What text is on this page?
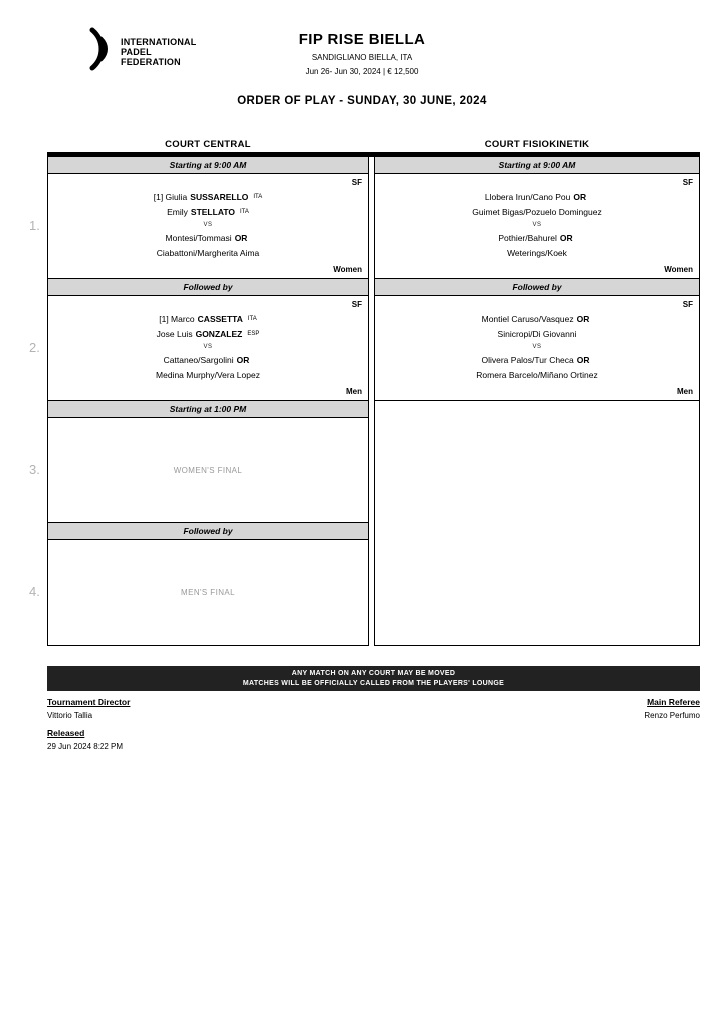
INTERNATIONAL
PADEL
FEDERATION
FIP RISE BIELLA
SANDIGLIANO BIELLA, ITA
Jun 26- Jun 30, 2024 | € 12,500
ORDER OF PLAY - SUNDAY, 30 JUNE, 2024
COURT CENTRAL	COURT FISIOKINETIK
1.
2.
3.
4.
Starting at 9:00 AM
SF
[1] Giulia SUSSARELLO $^{ITA}$
Emily STELLATO $^{ITA}$
VS
Montesi/Tommasi OR
Ciabattoni/Margherita Aima
Women
Followed by
SF
[1] Marco CASSETTA $^{ITA}$
Jose Luis GONZALEZ $^{ESP}$
VS
Cattaneo/Sargolini OR
Medina Murphy/Vera Lopez
Men
Starting at 1:00 PM
WOMEN'S FINAL
Followed by
MEN'S FINAL
Starting at 9:00 AM
SF
Llobera Irun/Cano Pou OR
Guimet Bigas/Pozuelo Dominguez
VS
Pothier/Bahurel OR
Weterings/Koek
Women
Followed by
SF
Montiel Caruso/Vasquez OR
Sinicropi/Di Giovanni
VS
Olivera Palos/Tur Checa OR
Romera Barcelo/Miñano Ortinez
Men
ANY MATCH ON ANY COURT MAY BE MOVED
MATCHES WILL BE OFFICIALLY CALLED FROM THE PLAYERS' LOUNGE
Tournament Director
Vittorio Tallia
Released
29 Jun 2024 8:22 PM
Main Referee
Renzo Perfumo
